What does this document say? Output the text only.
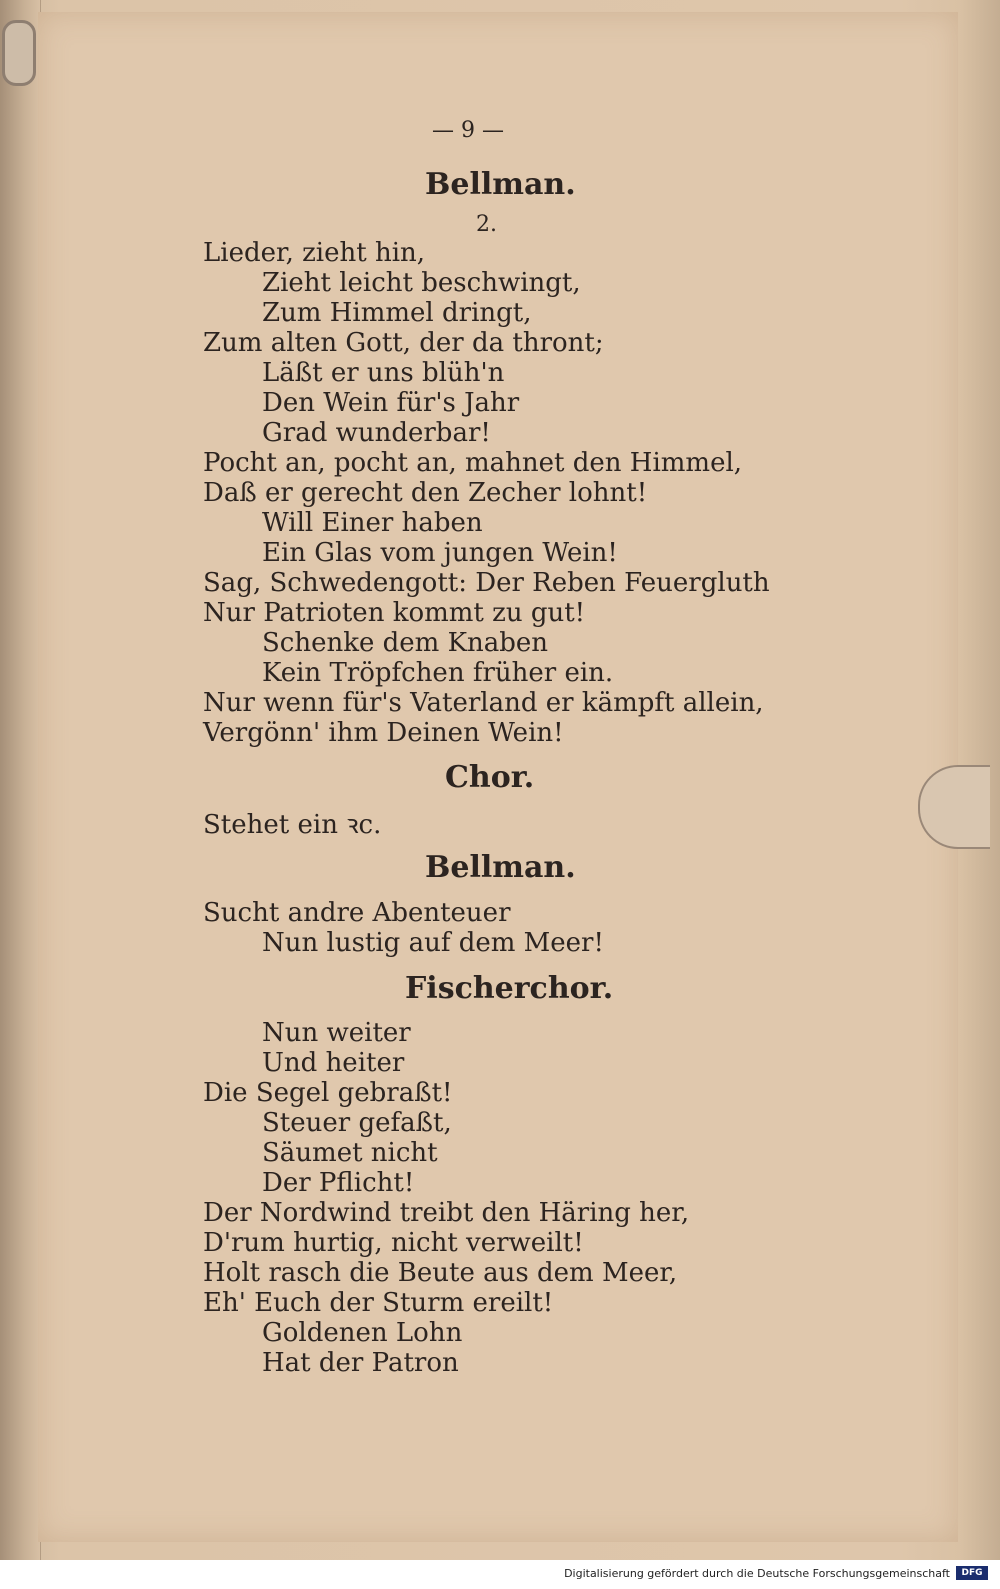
— 9 —
Bellman.
2.
Lieder, zieht hin,
Zieht leicht beschwingt,
Zum Himmel dringt,
Zum alten Gott, der da thront;
Läßt er uns blüh'n
Den Wein für's Jahr
Grad wunderbar!
Pocht an, pocht an, mahnet den Himmel,
Daß er gerecht den Zecher lohnt!
Will Einer haben
Ein Glas vom jungen Wein!
Sag, Schwedengott: Der Reben Feuergluth
Nur Patrioten kommt zu gut!
Schenke dem Knaben
Kein Tröpfchen früher ein.
Nur wenn für's Vaterland er kämpft allein,
Vergönn' ihm Deinen Wein!
Chor.
Stehet ein ꝛc.
Bellman.
Sucht andre Abenteuer
Nun lustig auf dem Meer!
Fischerchor.
Nun weiter
Und heiter
Die Segel gebraßt!
Steuer gefaßt,
Säumet nicht
Der Pflicht!
Der Nordwind treibt den Häring her,
D'rum hurtig, nicht verweilt!
Holt rasch die Beute aus dem Meer,
Eh' Euch der Sturm ereilt!
Goldenen Lohn
Hat der Patron
Digitalisierung gefördert durch die Deutsche Forschungsgemeinschaft	DFG
